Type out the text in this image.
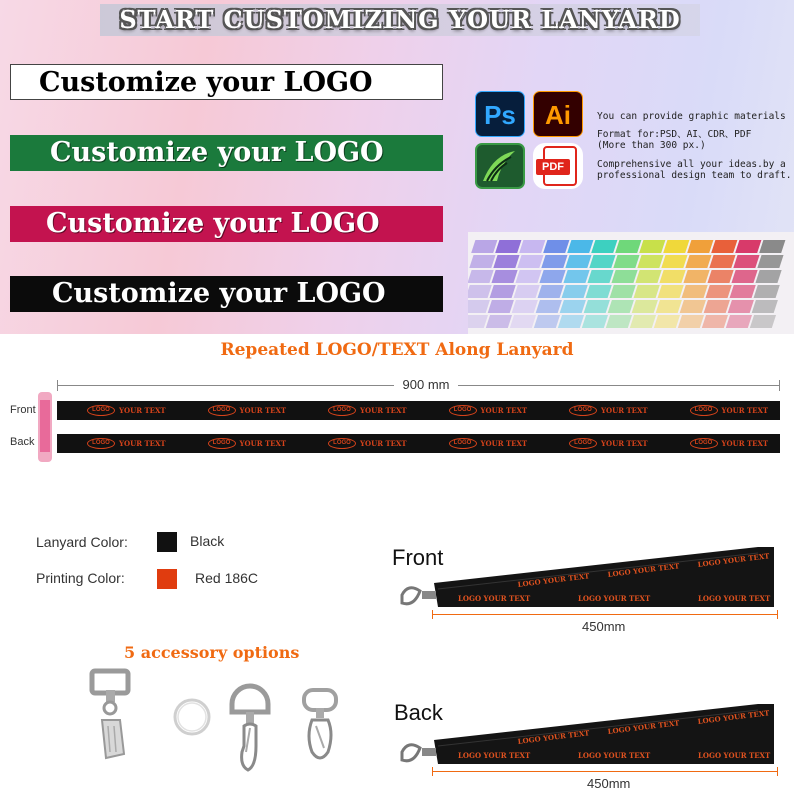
START CUSTOMIZING YOUR LANYARD
Customize your LOGO
Customize your LOGO
Customize your LOGO
Customize your LOGO
Ps	Ai
PDF
You can provide graphic materials
Format for:PSD、AI、CDR、PDF
(More than 300 px.)
Comprehensive all your ideas.by a
professional design team to draft.
Repeated LOGO/TEXT Along Lanyard
900 mm
Front
Back
LOGO	YOUR TEXT	LOGO	YOUR TEXT	LOGO	YOUR TEXT	LOGO	YOUR TEXT	LOGO	YOUR TEXT	LOGO	YOUR TEXT
LOGO	YOUR TEXT	LOGO	YOUR TEXT	LOGO	YOUR TEXT	LOGO	YOUR TEXT	LOGO	YOUR TEXT	LOGO	YOUR TEXT
Lanyard Color:	Black
Printing Color:	Red 186C
5 accessory options
Front
Back
LOGO YOUR TEXT
LOGO YOUR TEXT
LOGO YOUR TEXT
LOGO YOUR TEXT	LOGO YOUR TEXT	LOGO YOUR TEXT
450mm
LOGO YOUR TEXT
LOGO YOUR TEXT
LOGO YOUR TEXT
LOGO YOUR TEXT	LOGO YOUR TEXT	LOGO YOUR TEXT
450mm
